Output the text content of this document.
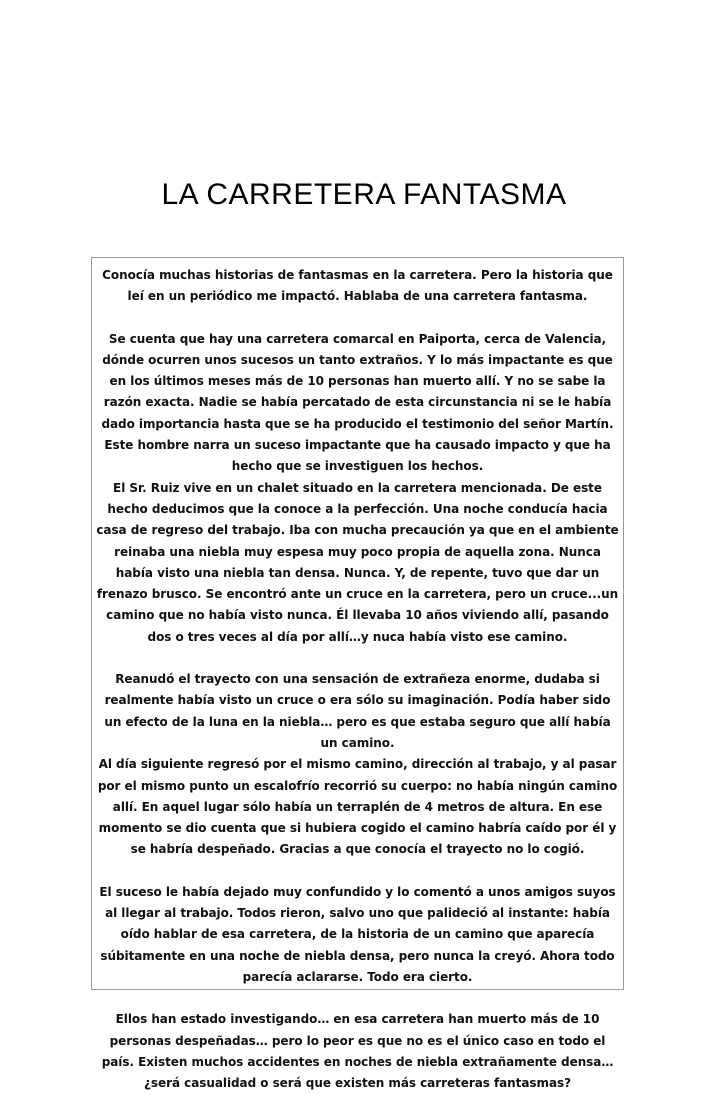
LA CARRETERA FANTASMA

Conocía muchas historias de fantasmas en la carretera. Pero la historia que leí en un periódico me impactó. Hablaba de una carretera fantasma.

Se cuenta que hay una carretera comarcal en Paiporta, cerca de Valencia, dónde ocurren unos sucesos un tanto extraños. Y lo más impactante es que en los últimos meses más de 10 personas han muerto allí. Y no se sabe la razón exacta. Nadie se había percatado de esta circunstancia ni se le había dado importancia hasta que se ha producido el testimonio del señor Martín. Este hombre narra un suceso impactante que ha causado impacto y que ha hecho que se investiguen los hechos.

El Sr. Ruiz vive en un chalet situado en la carretera mencionada. De este hecho deducimos que la conoce a la perfección. Una noche conducía hacia casa de regreso del trabajo. Iba con mucha precaución ya que en el ambiente reinaba una niebla muy espesa muy poco propia de aquella zona. Nunca había visto una niebla tan densa. Nunca. Y, de repente, tuvo que dar un frenazo brusco. Se encontró ante un cruce en la carretera, pero un cruce...un camino que no había visto nunca. Él llevaba 10 años viviendo allí, pasando dos o tres veces al día por allí…y nuca había visto ese camino.

Reanudó el trayecto con una sensación de extrañeza enorme, dudaba si realmente había visto un cruce o era sólo su imaginación. Podía haber sido un efecto de la luna en la niebla… pero es que estaba seguro que allí había un camino.

Al día siguiente regresó por el mismo camino, dirección al trabajo, y al pasar por el mismo punto un escalofrío recorrió su cuerpo: no había ningún camino allí. En aquel lugar sólo había un terraplén de 4 metros de altura. En ese momento se dio cuenta que si hubiera cogido el camino habría caído por él y se habría despeñado. Gracias a que conocía el trayecto no lo cogió.

El suceso le había dejado muy confundido y lo comentó a unos amigos suyos al llegar al trabajo. Todos rieron, salvo uno que palideció al instante: había oído hablar de esa carretera, de la historia de un camino que aparecía súbitamente en una noche de niebla densa, pero nunca la creyó. Ahora todo parecía aclararse. Todo era cierto.

Ellos han estado investigando… en esa carretera han muerto más de 10 personas despeñadas… pero lo peor es que no es el único caso en todo el país. Existen muchos accidentes en noches de niebla extrañamente densa… ¿será casualidad o será que existen más carreteras fantasmas?
